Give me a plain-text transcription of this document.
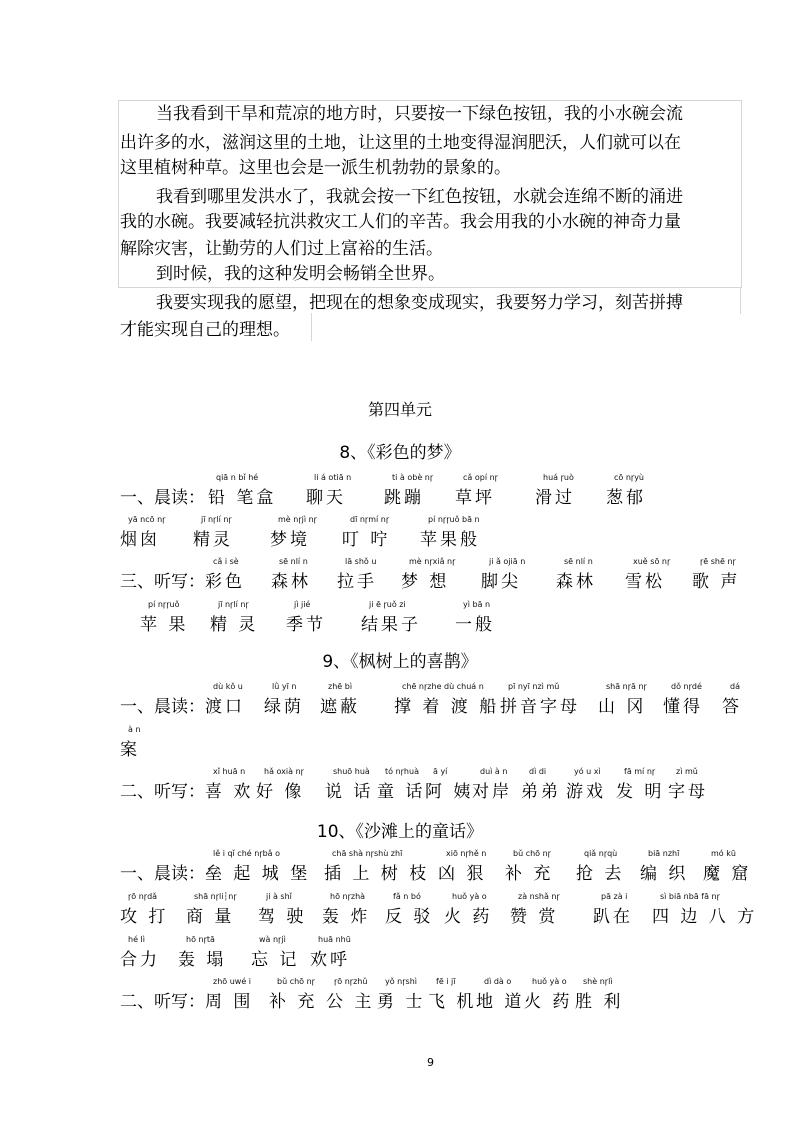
当我看到干旱和荒凉的地方时，只要按一下绿色按钮，我的小水碗会流
出许多的水，滋润这里的土地，让这里的土地变得湿润肥沃，人们就可以在
这里植树种草。这里也会是一派生机勃勃的景象的。
我看到哪里发洪水了，我就会按一下红色按钮，水就会连绵不断的涌进
我的水碗。我要减轻抗洪救灾工人们的辛苦。我会用我的小水碗的神奇力量
解除灾害，让勤劳的人们过上富裕的生活。
到时候，我的这种发明会畅销全世界。
我要实现我的愿望，把现在的想象变成现实，我要努力学习，刻苦拼搏
才能实现自己的理想。
第四单元
8、《彩色的梦》
一、晨读：
qiā n bǐ hé
铅 笔盒
li á otiā n
聊天
ti à obè nɼ
跳蹦
cǎ opí nɼ
草坪
huá ɼuò
滑过
cō nɼyù
葱郁
yā ncō nɼ
烟囱
jī nɼlí nɼ
精灵
mè nɼjì nɼ
梦境
dī nɼmí nɼ
叮 咛
pí nɼɼuǒ bā n
苹果般
三、听写：
cǎ i sè
彩色
sē nlí n
森林
lā shǒ u
拉手
mè nɼxiǎ nɼ
梦 想
ji ǎ ojiā n
脚尖
sē nlí n
森林
xuě sō nɼ
雪松
ɼē shē nɼ
歌 声
pí nɼɼuǒ
苹 果
jī nɼlí nɼ
精 灵
jì jié
季节
ji ē ɼuǒ zi
结果子
yì bā n
一般
9、《枫树上的喜鹊》
一、晨读：
dù kǒ u
渡口
lǜ yī n
绿荫
zhē bì
遮蔽
chē nɼzhe dù chuá n
撑 着 渡 船
pī nyī nzì mǔ
拼音字母
shā nɼā nɼ
山 冈
dǒ nɼdé
懂得
dá
答
à n
案
二、听写：
xǐ huā n
喜 欢
hǎ oxià nɼ
好 像
shuō huà
说 话
tó nɼhuà
童 话
ā yí
阿 姨
duì à n
对岸
dì di
弟弟
yó u xì
游戏
fā mí nɼ
发 明
zì mǔ
字母
10、《沙滩上的童话》
一、晨读：
lě i qǐ ché nɼbǎ o
垒 起 城 堡
chā shà nɼshù zhī
插 上 树 枝
xiō nɼhě n
凶 狠
bǔ chō nɼ
补 充
qiǎ nɼqù
抢 去
biā nzhī
编 织
mó kū
魔 窟
ɼō nɼdǎ
攻 打
shā nɼli┆nɼ
商 量
ji à shǐ
驾 驶
hō nɼzhà
轰 炸
fǎ n bó
反 驳
huǒ yà o
火 药
zà nshǎ nɼ
赞 赏
pā zà i
趴在
sì biā nbā fā nɼ
四 边 八 方
hé lì
合力
hō nɼtā
轰 塌
wà nɼjì
忘 记
huā nhū
欢呼
二、听写：
zhō uwé i
周 围
bǔ chō nɼ
补 充
ɼō nɼzhǔ
公 主
yǒ nɼshì
勇 士
fē i jī
飞 机
dì dà o
地 道
huǒ yà o
火 药
shè nɼlì
胜 利
9
